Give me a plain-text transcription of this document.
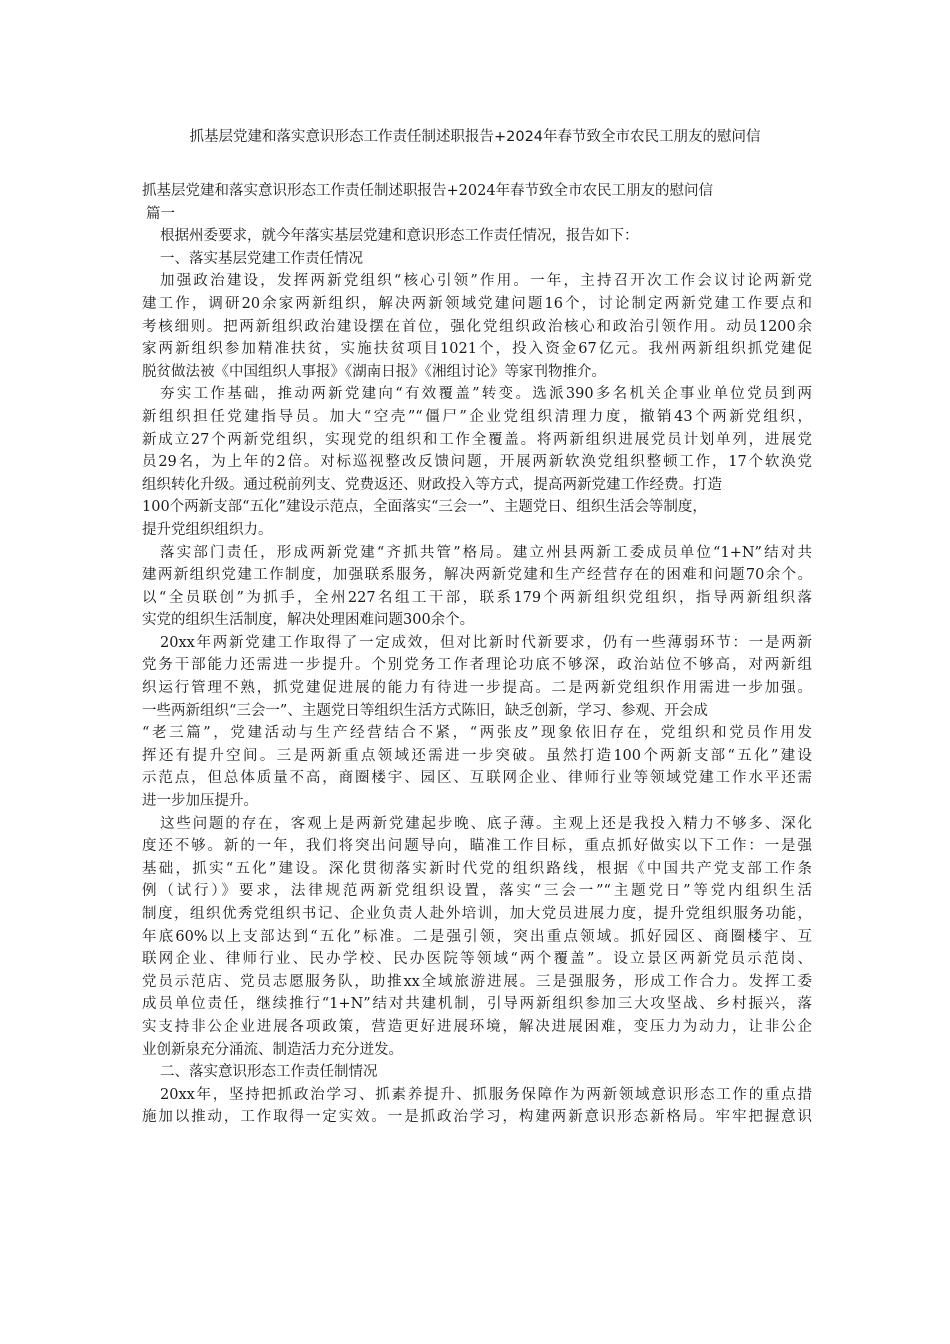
抓基层党建和落实意识形态工作责任制述职报告+2024年春节致全市农民工朋友的慰问信
抓基层党建和落实意识形态工作责任制述职报告+2024年春节致全市农民工朋友的慰问信
篇一
根据州委要求，就今年落实基层党建和意识形态工作责任情况，报告如下：
一、落实基层党建工作责任情况
加强政治建设，发挥两新党组织“核心引领”作用。一年，主持召开次工作会议讨论两新党
建工作，调研20余家两新组织，解决两新领域党建问题16个，讨论制定两新党建工作要点和
考核细则。把两新组织政治建设摆在首位，强化党组织政治核心和政治引领作用。动员1200余
家两新组织参加精准扶贫，实施扶贫项目1021个，投入资金67亿元。我州两新组织抓党建促
脱贫做法被《中国组织人事报》《湖南日报》《湘组讨论》等家刊物推介。
夯实工作基础，推动两新党建向“有效覆盖”转变。选派390多名机关企事业单位党员到两
新组织担任党建指导员。加大“空壳”“僵尸”企业党组织清理力度，撤销43个两新党组织，
新成立27个两新党组织，实现党的组织和工作全覆盖。将两新组织进展党员计划单列，进展党
员29名，为上年的2倍。对标巡视整改反馈问题，开展两新软涣党组织整顿工作，17个软涣党
组织转化升级。通过税前列支、党费返还、财政投入等方式，提高两新党建工作经费。打造
100个两新支部“五化”建设示范点，全面落实“三会一”、主题党日、组织生活会等制度，
提升党组织组织力。
落实部门责任，形成两新党建“齐抓共管”格局。建立州县两新工委成员单位“1+N”结对共
建两新组织党建工作制度，加强联系服务，解决两新党建和生产经营存在的困难和问题70余个。
以“全员联创”为抓手，全州227名组工干部，联系179个两新组织党组织，指导两新组织落
实党的组织生活制度，解决处理困难问题300余个。
20xx年两新党建工作取得了一定成效，但对比新时代新要求，仍有一些薄弱环节：一是两新
党务干部能力还需进一步提升。个别党务工作者理论功底不够深，政治站位不够高，对两新组
织运行管理不熟，抓党建促进展的能力有待进一步提高。二是两新党组织作用需进一步加强。
一些两新组织“三会一”、主题党日等组织生活方式陈旧，缺乏创新，学习、参观、开会成
“老三篇”，党建活动与生产经营结合不紧，“两张皮”现象依旧存在，党组织和党员作用发
挥还有提升空间。三是两新重点领域还需进一步突破。虽然打造100个两新支部“五化”建设
示范点，但总体质量不高，商圈楼宇、园区、互联网企业、律师行业等领域党建工作水平还需
进一步加压提升。
这些问题的存在，客观上是两新党建起步晚、底子薄。主观上还是我投入精力不够多、深化
度还不够。新的一年，我们将突出问题导向，瞄准工作目标，重点抓好做实以下工作：一是强
基础，抓实“五化”建设。深化贯彻落实新时代党的组织路线，根据《中国共产党支部工作条
例（试行）》要求，法律规范两新党组织设置，落实“三会一”“主题党日”等党内组织生活
制度，组织优秀党组织书记、企业负责人赴外培训，加大党员进展力度，提升党组织服务功能，
年底60%以上支部达到“五化”标准。二是强引领，突出重点领域。抓好园区、商圈楼宇、互
联网企业、律师行业、民办学校、民办医院等领域“两个覆盖”。设立景区两新党员示范岗、
党员示范店、党员志愿服务队，助推xx全域旅游进展。三是强服务，形成工作合力。发挥工委
成员单位责任，继续推行“1+N”结对共建机制，引导两新组织参加三大攻坚战、乡村振兴，落
实支持非公企业进展各项政策，营造更好进展环境，解决进展困难，变压力为动力，让非公企
业创新泉充分涌流、制造活力充分迸发。
二、落实意识形态工作责任制情况
20xx年，坚持把抓政治学习、抓素养提升、抓服务保障作为两新领域意识形态工作的重点措
施加以推动，工作取得一定实效。一是抓政治学习，构建两新意识形态新格局。牢牢把握意识
